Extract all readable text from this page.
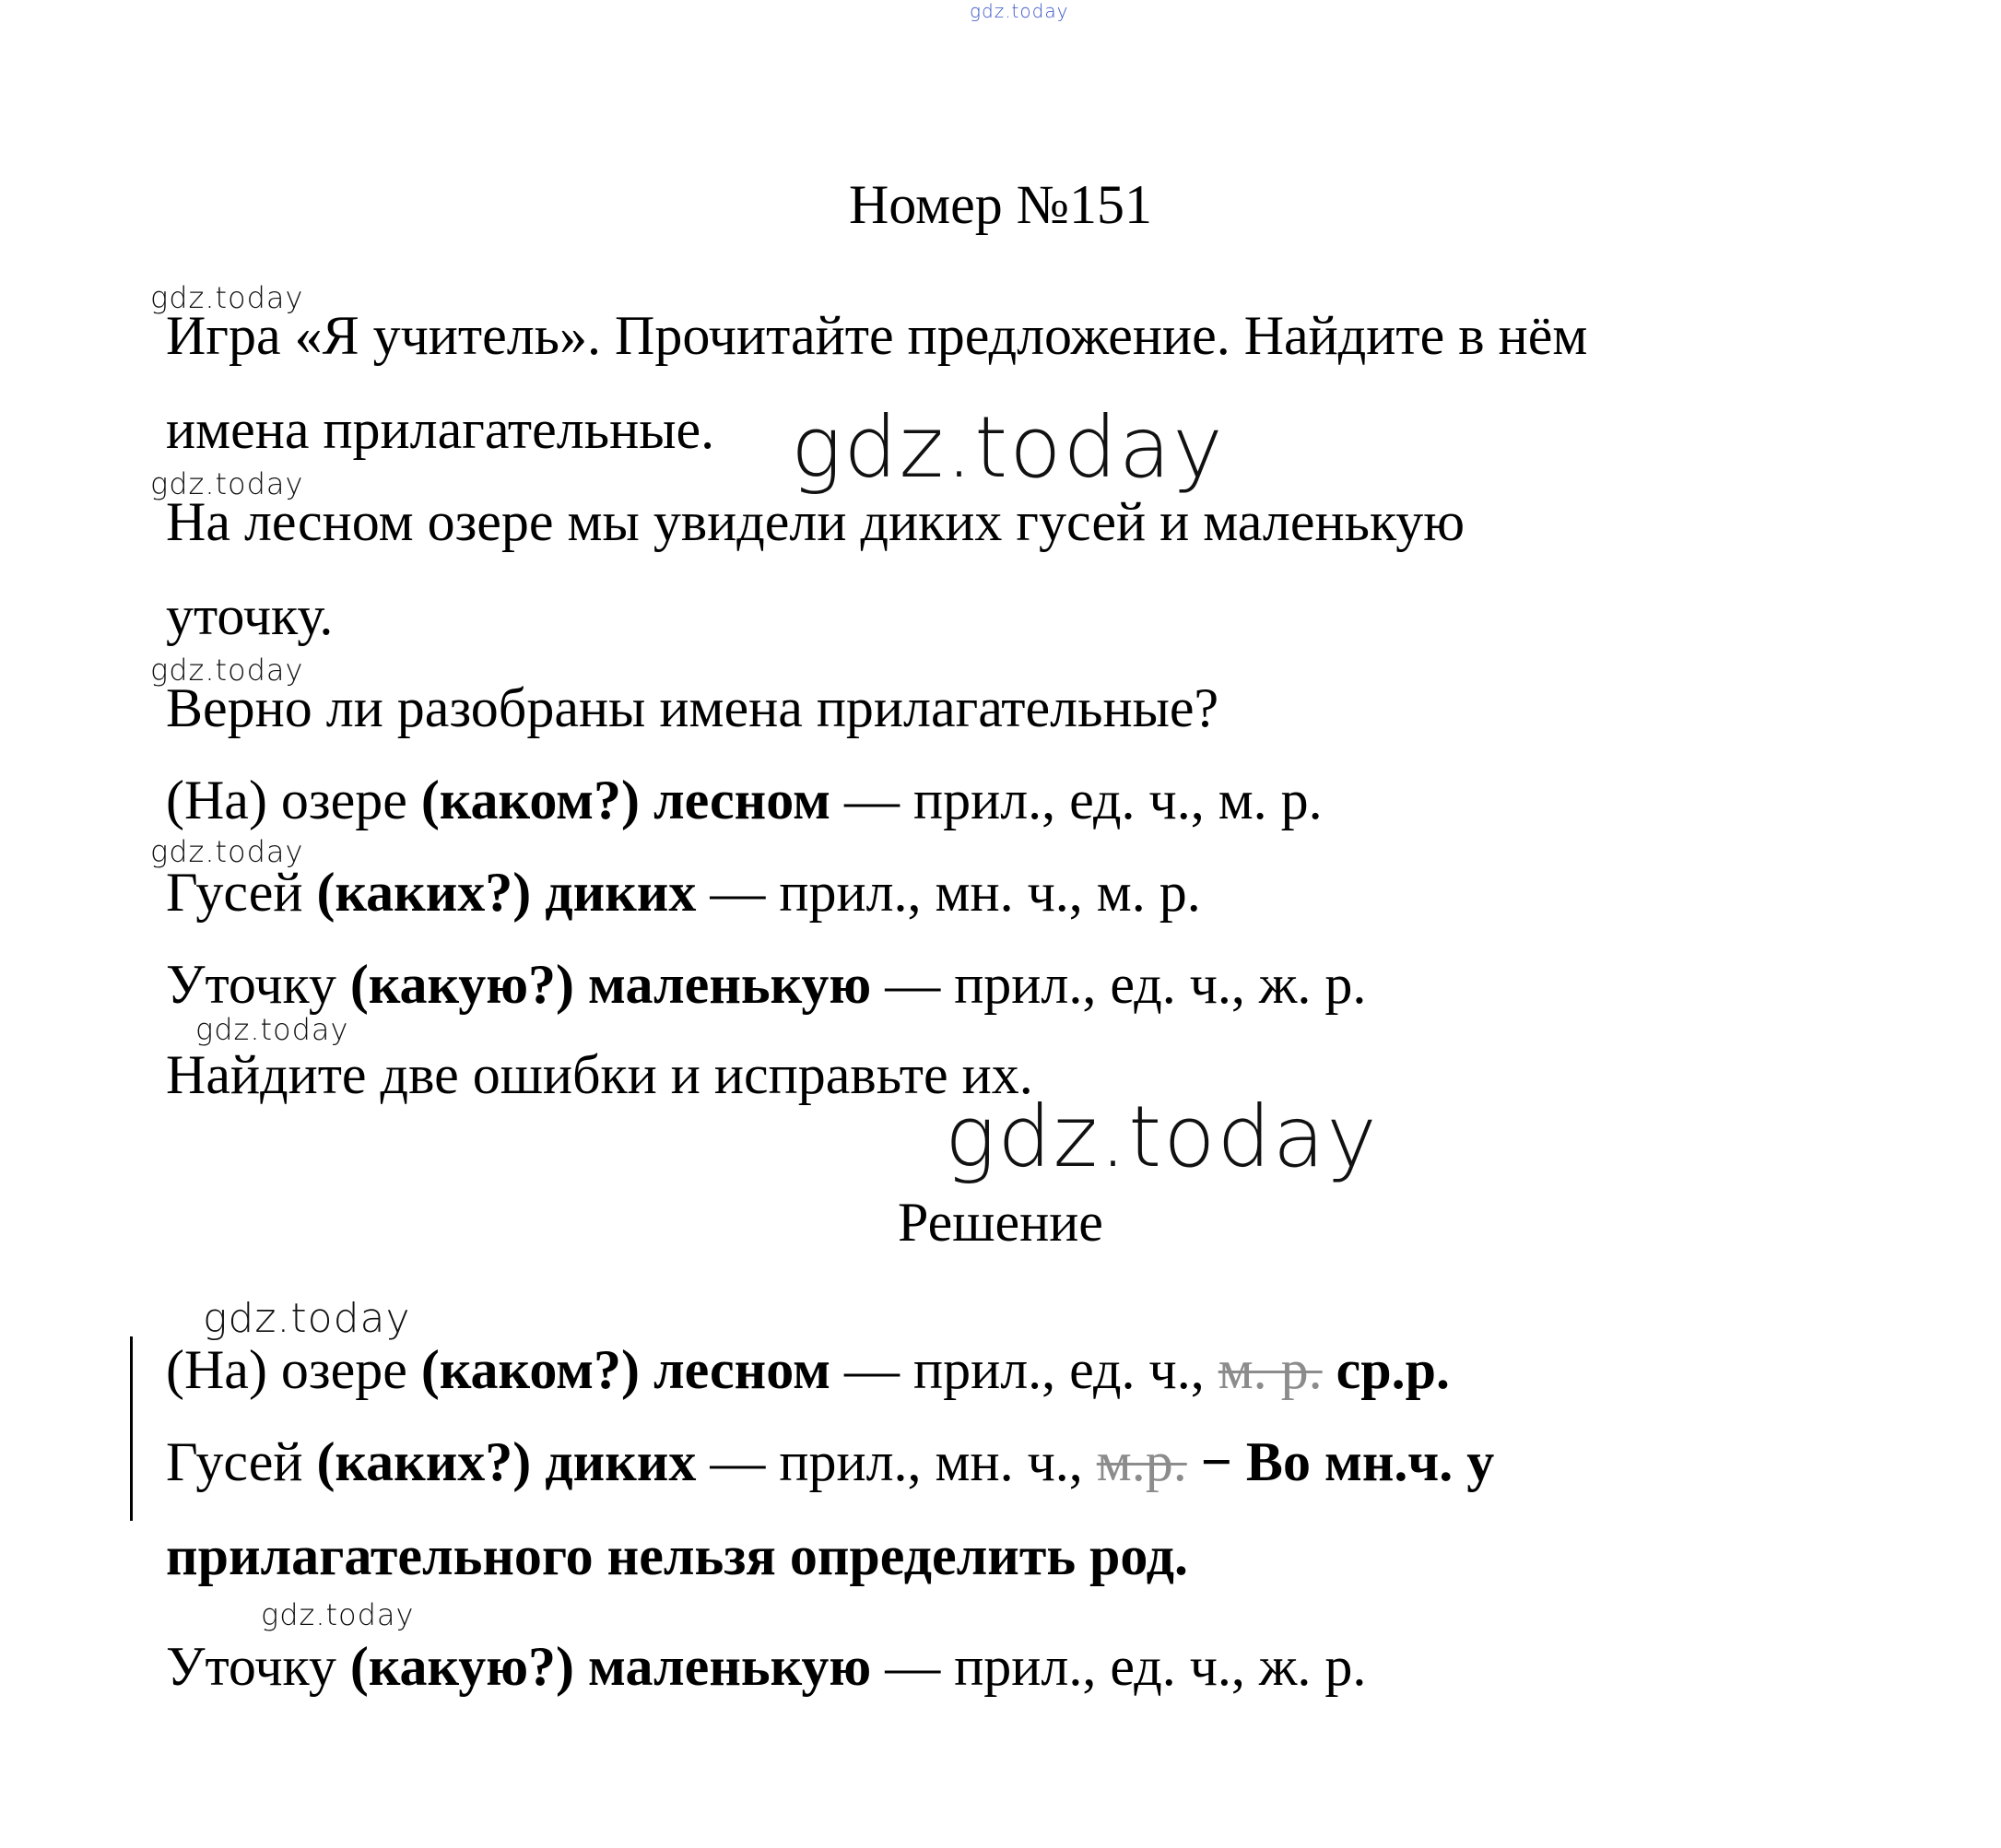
gdz.today
gdz.today
gdz.today
gdz.today
gdz.today
gdz.today
gdz.today
gdz.today
gdz.today
gdz.today
Номер №151
Игра «Я учитель». Прочитайте предложение. Найдите в нём
имена прилагательные.
На лесном озере мы увидели диких гусей и маленькую
уточку.
Верно ли разобраны имена прилагательные?
(На) озере (каком?) лесном — прил., ед. ч., м. р.
Гусей (каких?) диких — прил., мн. ч., м. р.
Уточку (какую?) маленькую — прил., ед. ч., ж. р.
Найдите две ошибки и исправьте их.
Решение
(На) озере (каком?) лесном — прил., ед. ч., м. р. ср.р.
Гусей (каких?) диких — прил., мн. ч., м.р. − Во мн.ч. у
прилагательного нельзя определить род.
Уточку (какую?) маленькую — прил., ед. ч., ж. р.
